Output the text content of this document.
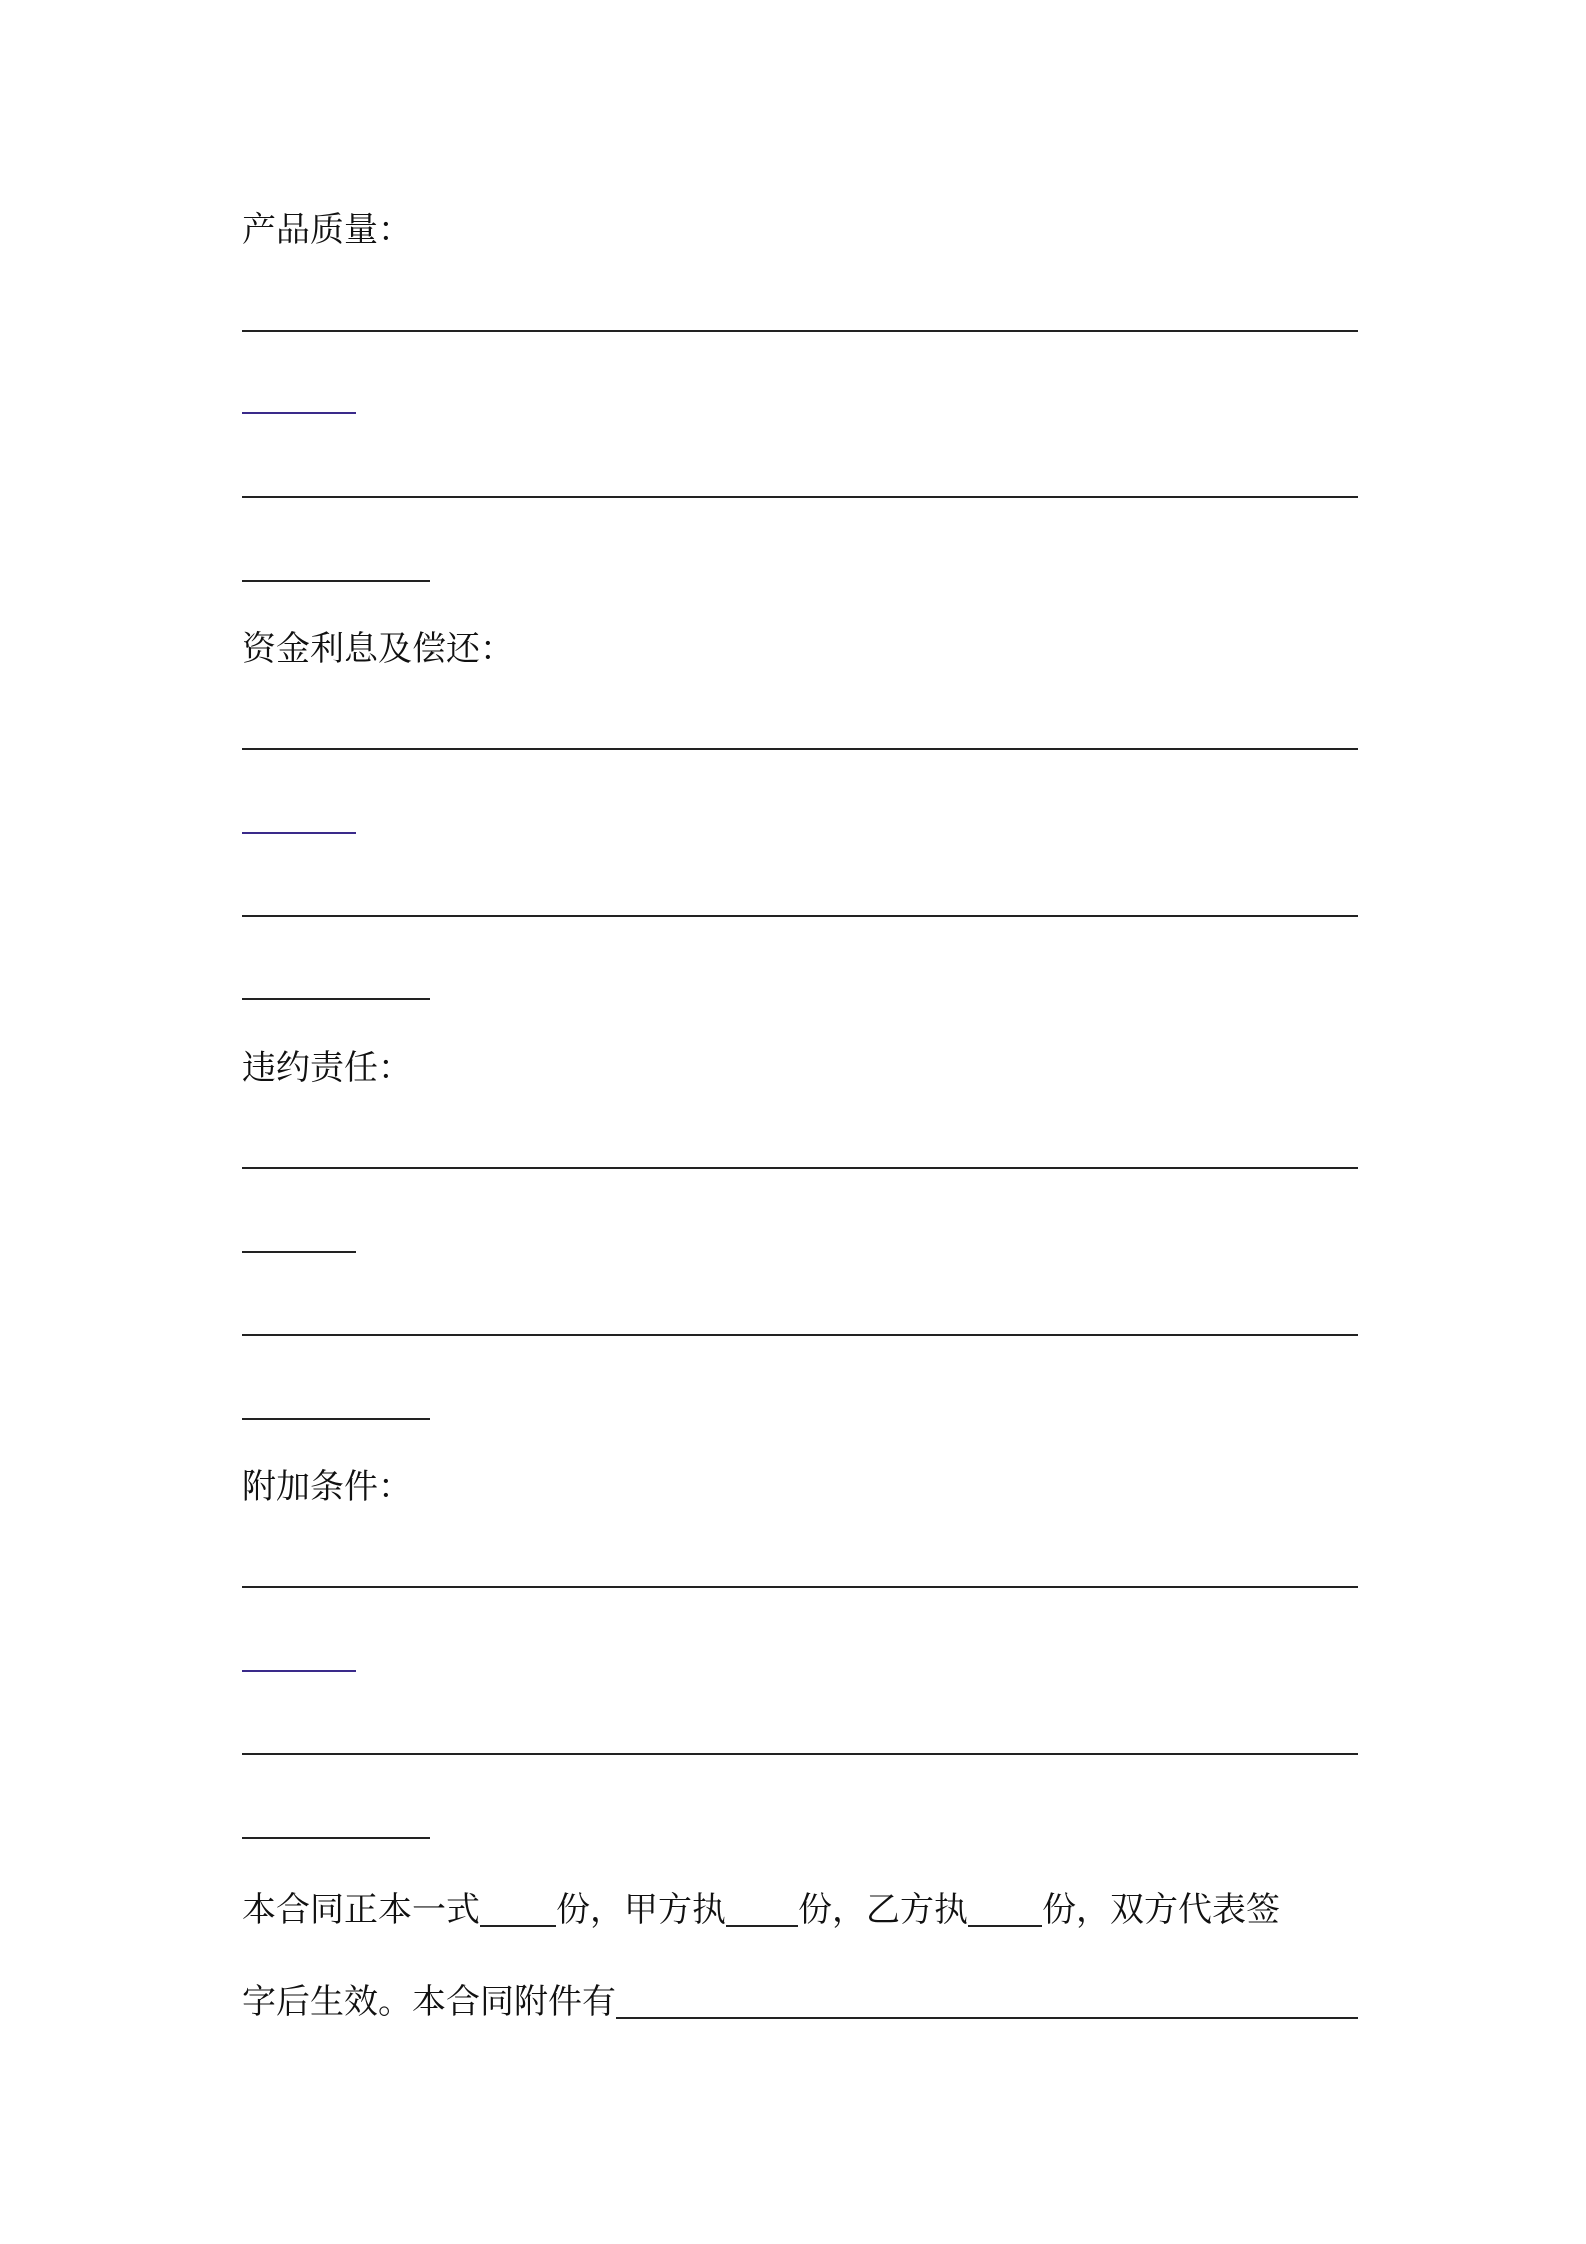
产品质量：
资金利息及偿还：
违约责任：
附加条件：
本合同正本一式 份，甲方执 份，乙方执 份，双方代表签
字后生效。本合同附件有
